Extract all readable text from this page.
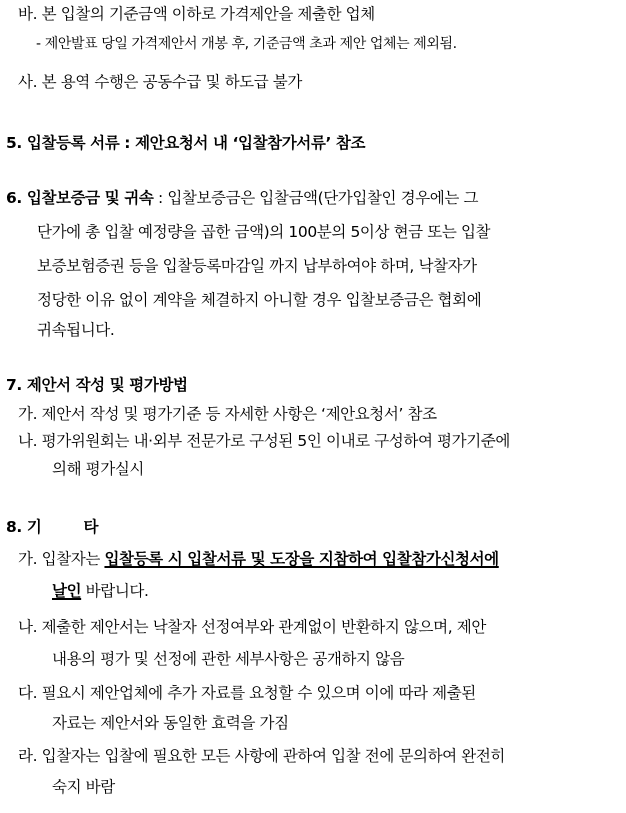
바. 본 입찰의 기준금액 이하로 가격제안을 제출한 업체
- 제안발표 당일 가격제안서 개봉 후, 기준금액 초과 제안 업체는 제외됨.
사. 본 용역 수행은 공동수급 및 하도급 불가
5. 입찰등록 서류 : 제안요청서 내 ‘입찰참가서류’ 참조
6. 입찰보증금 및 귀속 : 입찰보증금은 입찰금액(단가입찰인 경우에는 그
단가에 총 입찰 예정량을 곱한 금액)의 100분의 5이상 현금 또는 입찰
보증보험증권 등을 입찰등록마감일 까지 납부하여야 하며, 낙찰자가
정당한 이유 없이 계약을 체결하지 아니할 경우 입찰보증금은 협회에
귀속됩니다.
7. 제안서 작성 및 평가방법
가. 제안서 작성 및 평가기준 등 자세한 사항은 ‘제안요청서’ 참조
나. 평가위원회는 내·외부 전문가로 구성된 5인 이내로 구성하여 평가기준에
의해 평가실시
8. 기	타
가. 입찰자는 입찰등록 시 입찰서류 및 도장을 지참하여 입찰참가신청서에
날인 바랍니다.
나. 제출한 제안서는 낙찰자 선정여부와 관계없이 반환하지 않으며, 제안
내용의 평가 및 선정에 관한 세부사항은 공개하지 않음
다. 필요시 제안업체에 추가 자료를 요청할 수 있으며 이에 따라 제출된
자료는 제안서와 동일한 효력을 가짐
라. 입찰자는 입찰에 필요한 모든 사항에 관하여 입찰 전에 문의하여 완전히
숙지 바람
